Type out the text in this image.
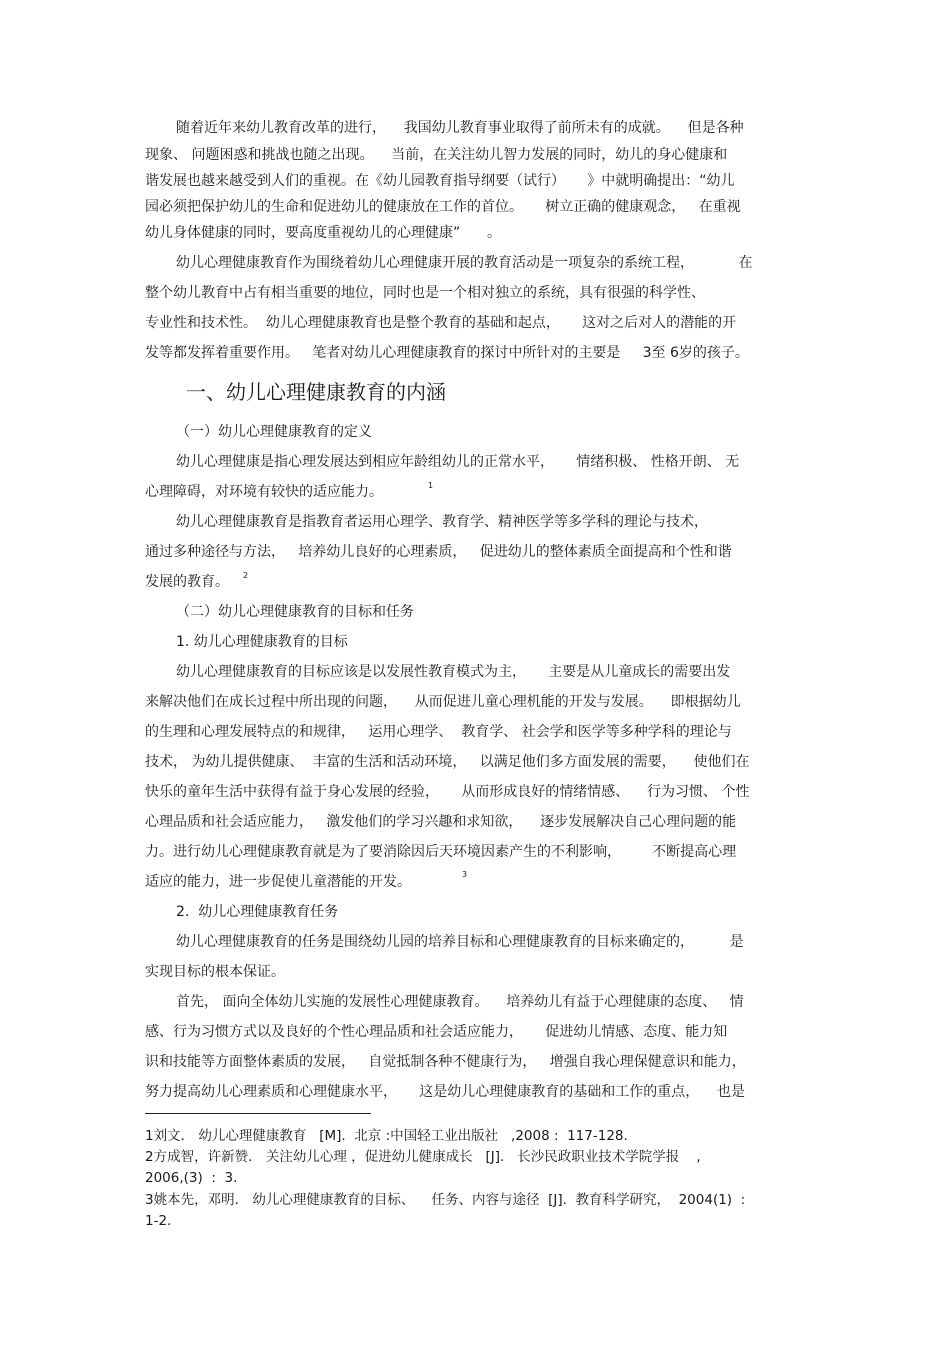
随着近年来幼儿教育改革的进行，    我国幼儿教育事业取得了前所未有的成就。    但是各种
现象、 问题困惑和挑战也随之出现。    当前，在关注幼儿智力发展的同时，幼儿的身心健康和
谐发展也越来越受到人们的重视。在《幼儿园教育指导纲要（试行）     》中就明确提出：“幼儿
园必须把保护幼儿的生命和促进幼儿的健康放在工作的首位。     树立正确的健康观念，   在重视
幼儿身体健康的同时，要高度重视幼儿的心理健康”      。
幼儿心理健康教育作为围绕着幼儿心理健康开展的教育活动是一项复杂的系统工程，          在
整个幼儿教育中占有相当重要的地位，同时也是一个相对独立的系统，具有很强的科学性、
专业性和技术性。  幼儿心理健康教育也是整个教育的基础和起点，     这对之后对人的潜能的开
发等都发挥着重要作用。   笔者对幼儿心理健康教育的探讨中所针对的主要是     3至 6岁的孩子。
一、幼儿心理健康教育的内涵
（一）幼儿心理健康教育的定义
幼儿心理健康是指心理发展达到相应年龄组幼儿的正常水平，     情绪积极、 性格开朗、 无
心理障碍，对环境有较快的适应能力。	1
幼儿心理健康教育是指教育者运用心理学、教育学、精神医学等多学科的理论与技术，
通过多种途径与方法，   培养幼儿良好的心理素质，   促进幼儿的整体素质全面提高和个性和谐
发展的教育。 2
（二）幼儿心理健康教育的目标和任务
1. 幼儿心理健康教育的目标
幼儿心理健康教育的目标应该是以发展性教育模式为主，     主要是从儿童成长的需要出发
来解决他们在成长过程中所出现的问题，    从而促进儿童心理机能的开发与发展。    即根据幼儿
的生理和心理发展特点的和规律，   运用心理学、  教育学、 社会学和医学等多种学科的理论与
技术， 为幼儿提供健康、  丰富的生活和活动环境，   以满足他们多方面发展的需要，    使他们在
快乐的童年生活中获得有益于身心发展的经验，     从而形成良好的情绪情感、    行为习惯、 个性
心理品质和社会适应能力，   激发他们的学习兴趣和求知欲，    逐步发展解决自己心理问题的能
力。进行幼儿心理健康教育就是为了要消除因后天环境因素产生的不利影响，       不断提高心理
适应的能力，进一步促使儿童潜能的开发。	3
2.  幼儿心理健康教育任务
幼儿心理健康教育的任务是围绕幼儿园的培养目标和心理健康教育的目标来确定的，        是
实现目标的根本保证。
首先， 面向全体幼儿实施的发展性心理健康教育。    培养幼儿有益于心理健康的态度、   情
感、行为习惯方式以及良好的个性心理品质和社会适应能力，     促进幼儿情感、态度、能力知
识和技能等方面整体素质的发展，   自觉抵制各种不健康行为，   增强自我心理保健意识和能力，
努力提高幼儿心理素质和心理健康水平，     这是幼儿心理健康教育的基础和工作的重点，    也是
1刘文． 幼儿心理健康教育   [M].  北京 :中国轻工业出版社   ,2008 :  117-128.
2方成智，许新赞． 关注幼儿心理 ，促进幼儿健康成长   [J].   长沙民政职业技术学院学报    ,
2006,(3)  :  3.
3姚本先，邓明． 幼儿心理健康教育的目标、    任务、内容与途径  [J].  教育科学研究，  2004(1)  :
1-2.
